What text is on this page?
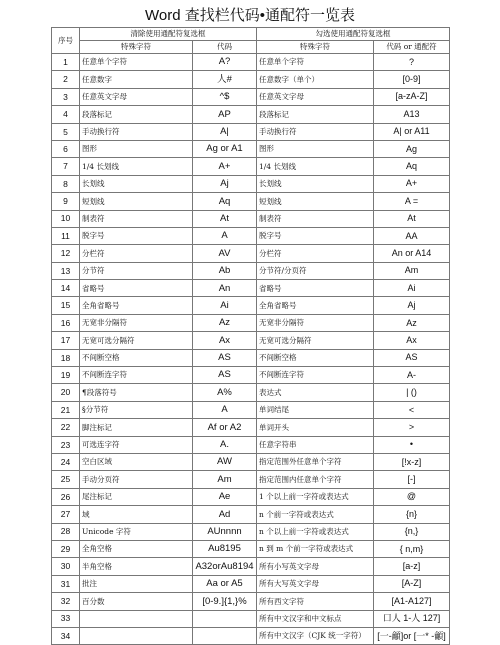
Word 查找栏代码•通配符一览表
序号	清除使用通配符复选框		勾选使用通配符复选框	
	特殊字符	代码	特殊字符	代码 or 通配符
1	任意单个字符	A?	任意单个字符	?
2	任意数字	人#	任意数字（单个）	[0-9]
3	任意英文字母	^$	任意英文字母	[a-zA-Z]
4	段落标记	AP	段落标记	A13
5	手动换行符	A|	手动换行符	A| or A11
6	图形	Ag or A1	图形	Ag
7	1/4 长划线	A+	1/4 长划线	Aq
8	长划线	Aj	长划线	A+
9	短划线	Aq	短划线	A =
10	制表符	At	制表符	At
11	脱字号	A	脱字号	AA
12	分栏符	AV	分栏符	An or A14
13	分节符	Ab	分节符/分页符	Am
14	省略号	An	省略号	Ai
15	全角省略号	Ai	全角省略号	Aj
16	无宽非分隔符	Az	无宽非分隔符	Az
17	无宽可选分隔符	Ax	无宽可选分隔符	Ax
18	不间断空格	AS	不间断空格	AS
19	不间断连字符	AS	不间断连字符	A-
20	¶段落符号	A%	表达式	| ()
21	§分节符	A	单词结尾	<
22	脚注标记	Af or A2	单词开头	>
23	可选连字符	A.	任意字符串	•
24	空白区域	AW	指定范围外任意单个字符	[!x-z]
25	手动分页符	Am	指定范围内任意单个字符	[-]
26	尾注标记	Ae	1 个以上前一字符或表达式	@
27	域	Ad	n 个前一字符或表达式	{n}
28	Unicode 字符	AUnnnn	n 个以上前一字符或表达式	{n,}
29	全角空格	Au8195	n 到 m 个前一字符或表达式	{ n,m}
30	半角空格	A32orAu8194	所有小写英文字母	[a-z]
31	批注	Aa or A5	所有大写英文字母	[A-Z]
32	百分数	[0-9.]{1,}%	所有西文字符	[A1-A127]
33			所有中文汉字和中文标点	口人 1-人 127]
34			所有中文汉字（CJK 统一字符）	[一-龥]or [一* -龥]
